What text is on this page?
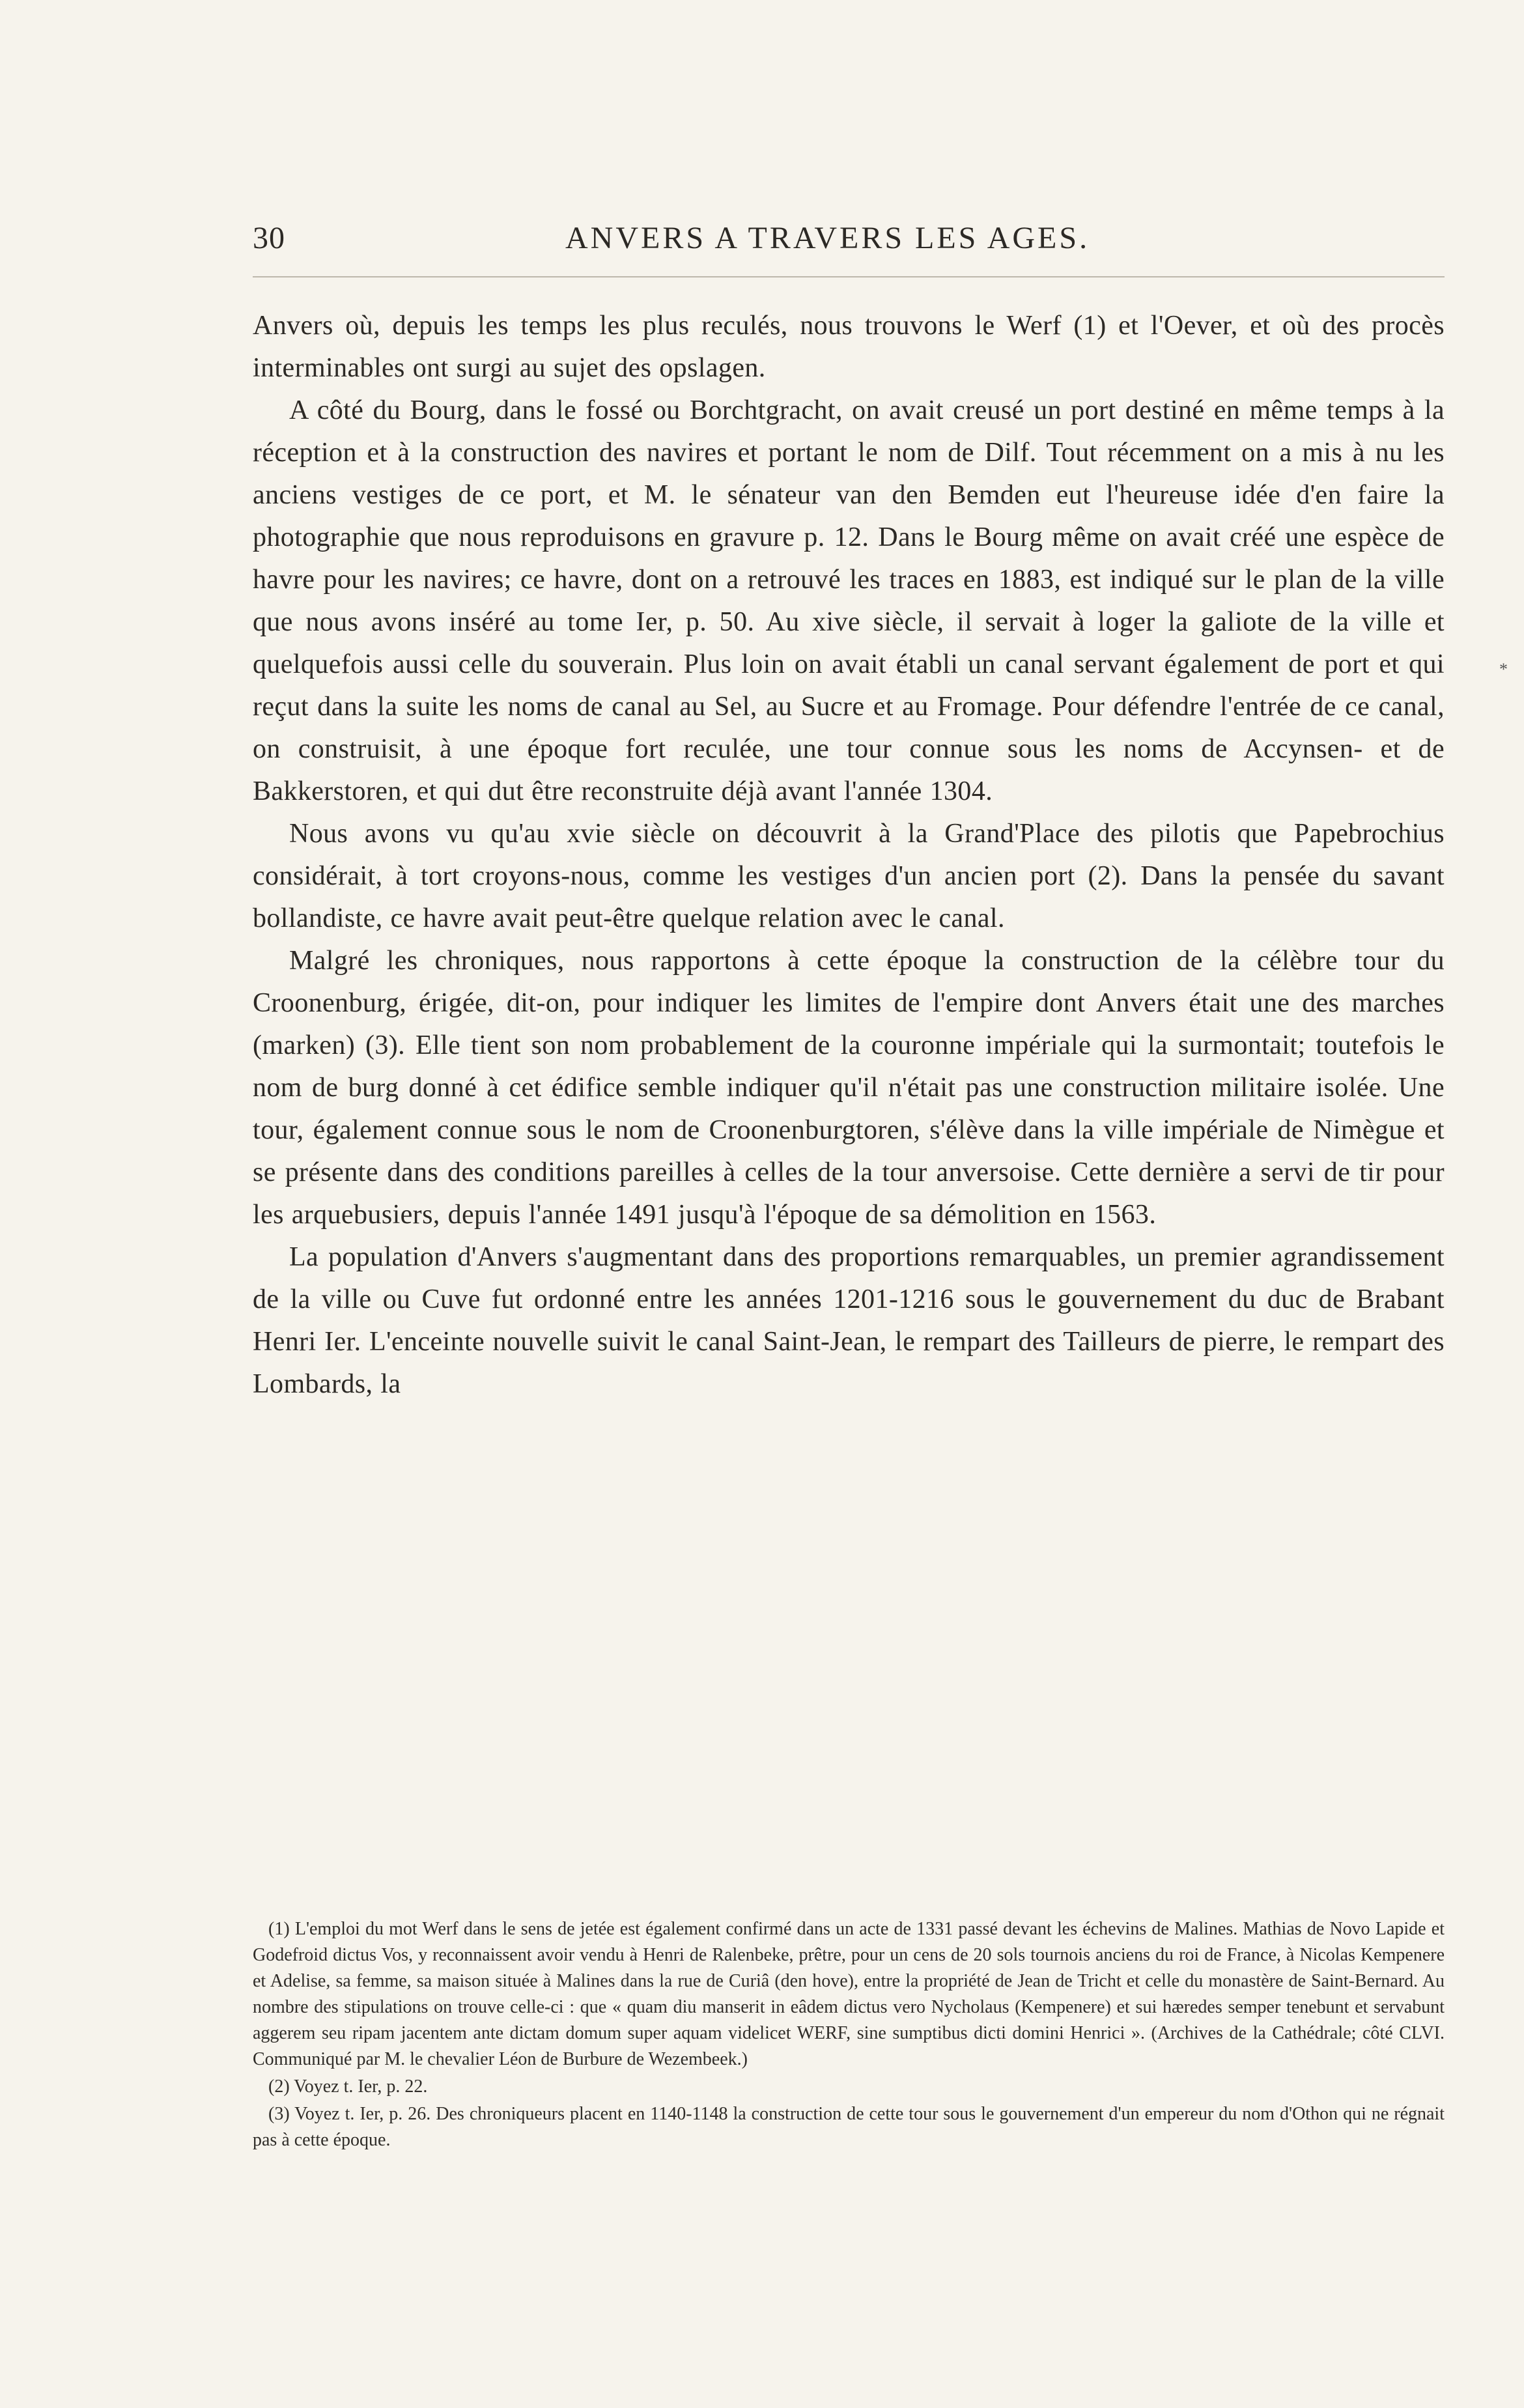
30	ANVERS A TRAVERS LES AGES.

Anvers où, depuis les temps les plus reculés, nous trouvons le Werf (1) et l'Oever, et où des procès interminables ont surgi au sujet des opslagen.

A côté du Bourg, dans le fossé ou Borchtgracht, on avait creusé un port destiné en même temps à la réception et à la construction des navires et portant le nom de Dilf. Tout récemment on a mis à nu les anciens vestiges de ce port, et M. le sénateur van den Bemden eut l'heureuse idée d'en faire la photographie que nous reproduisons en gravure p. 12. Dans le Bourg même on avait créé une espèce de havre pour les navires; ce havre, dont on a retrouvé les traces en 1883, est indiqué sur le plan de la ville que nous avons inséré au tome Ier, p. 50. Au xive siècle, il servait à loger la galiote de la ville et quelquefois aussi celle du souverain. Plus loin on avait établi un canal servant également de port et qui reçut dans la suite les noms de canal au Sel, au Sucre et au Fromage. Pour défendre l'entrée de ce canal, on construisit, à une époque fort reculée, une tour connue sous les noms de Accynsen- et de Bakkerstoren, et qui dut être reconstruite déjà avant l'année 1304.

Nous avons vu qu'au xvie siècle on découvrit à la Grand'Place des pilotis que Papebrochius considérait, à tort croyons-nous, comme les vestiges d'un ancien port (2). Dans la pensée du savant bollandiste, ce havre avait peut-être quelque relation avec le canal.

Malgré les chroniques, nous rapportons à cette époque la construction de la célèbre tour du Croonenburg, érigée, dit-on, pour indiquer les limites de l'empire dont Anvers était une des marches (marken) (3). Elle tient son nom probablement de la couronne impériale qui la surmontait; toutefois le nom de burg donné à cet édifice semble indiquer qu'il n'était pas une construction militaire isolée. Une tour, également connue sous le nom de Croonenburgtoren, s'élève dans la ville impériale de Nimègue et se présente dans des conditions pareilles à celles de la tour anversoise. Cette dernière a servi de tir pour les arquebusiers, depuis l'année 1491 jusqu'à l'époque de sa démolition en 1563.

La population d'Anvers s'augmentant dans des proportions remarquables, un premier agrandissement de la ville ou Cuve fut ordonné entre les années 1201-1216 sous le gouvernement du duc de Brabant Henri Ier. L'enceinte nouvelle suivit le canal Saint-Jean, le rempart des Tailleurs de pierre, le rempart des Lombards, la

(1) L'emploi du mot Werf dans le sens de jetée est également confirmé dans un acte de 1331 passé devant les échevins de Malines. Mathias de Novo Lapide et Godefroid dictus Vos, y reconnaissent avoir vendu à Henri de Ralenbeke, prêtre, pour un cens de 20 sols tournois anciens du roi de France, à Nicolas Kempenere et Adelise, sa femme, sa maison située à Malines dans la rue de Curiâ (den hove), entre la propriété de Jean de Tricht et celle du monastère de Saint-Bernard. Au nombre des stipulations on trouve celle-ci : que « quam diu manserit in eâdem dictus vero Nycholaus (Kempenere) et sui hæredes semper tenebunt et servabunt aggerem seu ripam jacentem ante dictam domum super aquam videlicet WERF, sine sumptibus dicti domini Henrici ». (Archives de la Cathédrale; côté CLVI. Communiqué par M. le chevalier Léon de Burbure de Wezembeek.)

(2) Voyez t. Ier, p. 22.

(3) Voyez t. Ier, p. 26. Des chroniqueurs placent en 1140-1148 la construction de cette tour sous le gouvernement d'un empereur du nom d'Othon qui ne régnait pas à cette époque.

*
